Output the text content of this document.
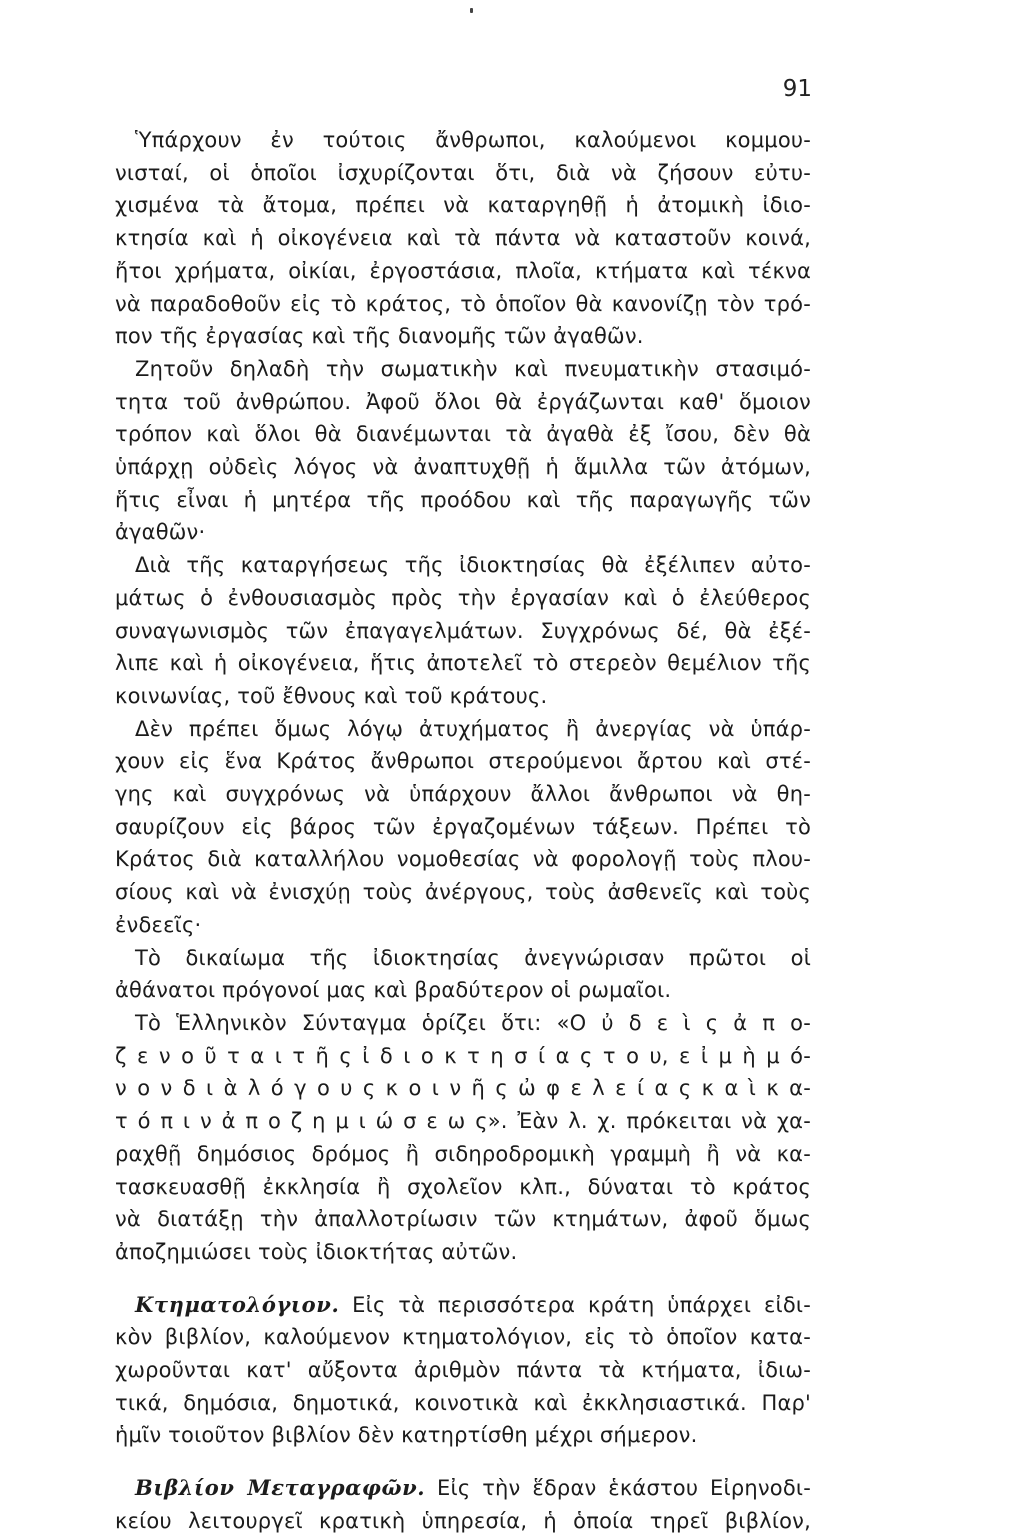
91

Ὑπάρχουν ἐν τούτοις ἄνθρωποι, καλούμενοι κομμου-
νισταί, οἱ ὁποῖοι ἰσχυρίζονται ὅτι, διὰ νὰ ζήσουν εὐτυ-
χισμένα τὰ ἄτομα, πρέπει νὰ καταργηθῇ ἡ ἀτομικὴ ἰδιο-
κτησία καὶ ἡ οἰκογένεια καὶ τὰ πάντα νὰ καταστοῦν κοινά,
ἤτοι χρήματα, οἰκίαι, ἐργοστάσια, πλοῖα, κτήματα καὶ τέκνα
νὰ παραδοθοῦν εἰς τὸ κράτος, τὸ ὁποῖον θὰ κανονίζῃ τὸν τρό-
πον τῆς ἐργασίας καὶ τῆς διανομῆς τῶν ἀγαθῶν.

Ζητοῦν δηλαδὴ τὴν σωματικὴν καὶ πνευματικὴν στασιμό-
τητα τοῦ ἀνθρώπου. Ἀφοῦ ὅλοι θὰ ἐργάζωνται καθ' ὅμοιον
τρόπον καὶ ὅλοι θὰ διανέμωνται τὰ ἀγαθὰ ἐξ ἴσου, δὲν θὰ
ὑπάρχῃ οὐδεὶς λόγος νὰ ἀναπτυχθῇ ἡ ἅμιλλα τῶν ἀτόμων,
ἥτις εἶναι ἡ μητέρα τῆς προόδου καὶ τῆς παραγωγῆς τῶν
ἀγαθῶν·

Διὰ τῆς καταργήσεως τῆς ἰδιοκτησίας θὰ ἐξέλιπεν αὐτο-
μάτως ὁ ἐνθουσιασμὸς πρὸς τὴν ἐργασίαν καὶ ὁ ἐλεύθερος
συναγωνισμὸς τῶν ἐπαγαγελμάτων. Συγχρόνως δέ, θὰ ἐξέ-
λιπε καὶ ἡ οἰκογένεια, ἥτις ἀποτελεῖ τὸ στερεὸν θεμέλιον τῆς
κοινωνίας, τοῦ ἔθνους καὶ τοῦ κράτους.

Δὲν πρέπει ὅμως λόγῳ ἀτυχήματος ἢ ἀνεργίας νὰ ὑπάρ-
χουν εἰς ἕνα Κράτος ἄνθρωποι στερούμενοι ἄρτου καὶ στέ-
γης καὶ συγχρόνως νὰ ὑπάρχουν ἄλλοι ἄνθρωποι νὰ θη-
σαυρίζουν εἰς βάρος τῶν ἐργαζομένων τάξεων. Πρέπει τὸ
Κράτος διὰ καταλλήλου νομοθεσίας νὰ φορολογῇ τοὺς πλου-
σίους καὶ νὰ ἐνισχύῃ τοὺς ἀνέργους, τοὺς ἀσθενεῖς καὶ τοὺς
ἐνδεεῖς·

Τὸ δικαίωμα τῆς ἰδιοκτησίας ἀνεγνώρισαν πρῶτοι οἱ
ἀθάνατοι πρόγονοί μας καὶ βραδύτερον οἱ ρωμαῖοι.

Τὸ Ἑλληνικὸν Σύνταγμα ὁρίζει ὅτι: «Ο ὐ δ ε ὶ ς ἀ π ο-
ζ ε ν ο ῦ τ α ι τ ῆ ς ἰ δ ι ο κ τ η σ ί α ς τ ο υ, ε ἰ μ ὴ μ ό-
ν ο ν δ ι ὰ λ ό γ ο υ ς κ ο ι ν ῆ ς ὠ φ ε λ ε ί α ς κ α ὶ κ α-
τ ό π ι ν ἀ π ο ζ η μ ι ώ σ ε ω ς». Ἐὰν λ. χ. πρόκειται νὰ χα-
ραχθῇ δημόσιος δρόμος ἢ σιδηροδρομικὴ γραμμὴ ἢ νὰ κα-
τασκευασθῇ ἐκκλησία ἢ σχολεῖον κλπ., δύναται τὸ κράτος
νὰ διατάξῃ τὴν ἀπαλλοτρίωσιν τῶν κτημάτων, ἀφοῦ ὅμως
ἀποζημιώσει τοὺς ἰδιοκτήτας αὐτῶν.

Κτηματολόγιον. Εἰς τὰ περισσότερα κράτη ὑπάρχει εἰδι-
κὸν βιβλίον, καλούμενον κτηματολόγιον, εἰς τὸ ὁποῖον κατα-
χωροῦνται κατ' αὔξοντα ἀριθμὸν πάντα τὰ κτήματα, ἰδιω-
τικά, δημόσια, δημοτικά, κοινοτικὰ καὶ ἐκκλησιαστικά. Παρ'
ἡμῖν τοιοῦτον βιβλίον δὲν κατηρτίσθη μέχρι σήμερον.

Βιβλίον Μεταγραφῶν. Εἰς τὴν ἕδραν ἑκάστου Εἰρηνοδι-
κείου λειτουργεῖ κρατικὴ ὑπηρεσία, ἡ ὁποία τηρεῖ βιβλίον,
